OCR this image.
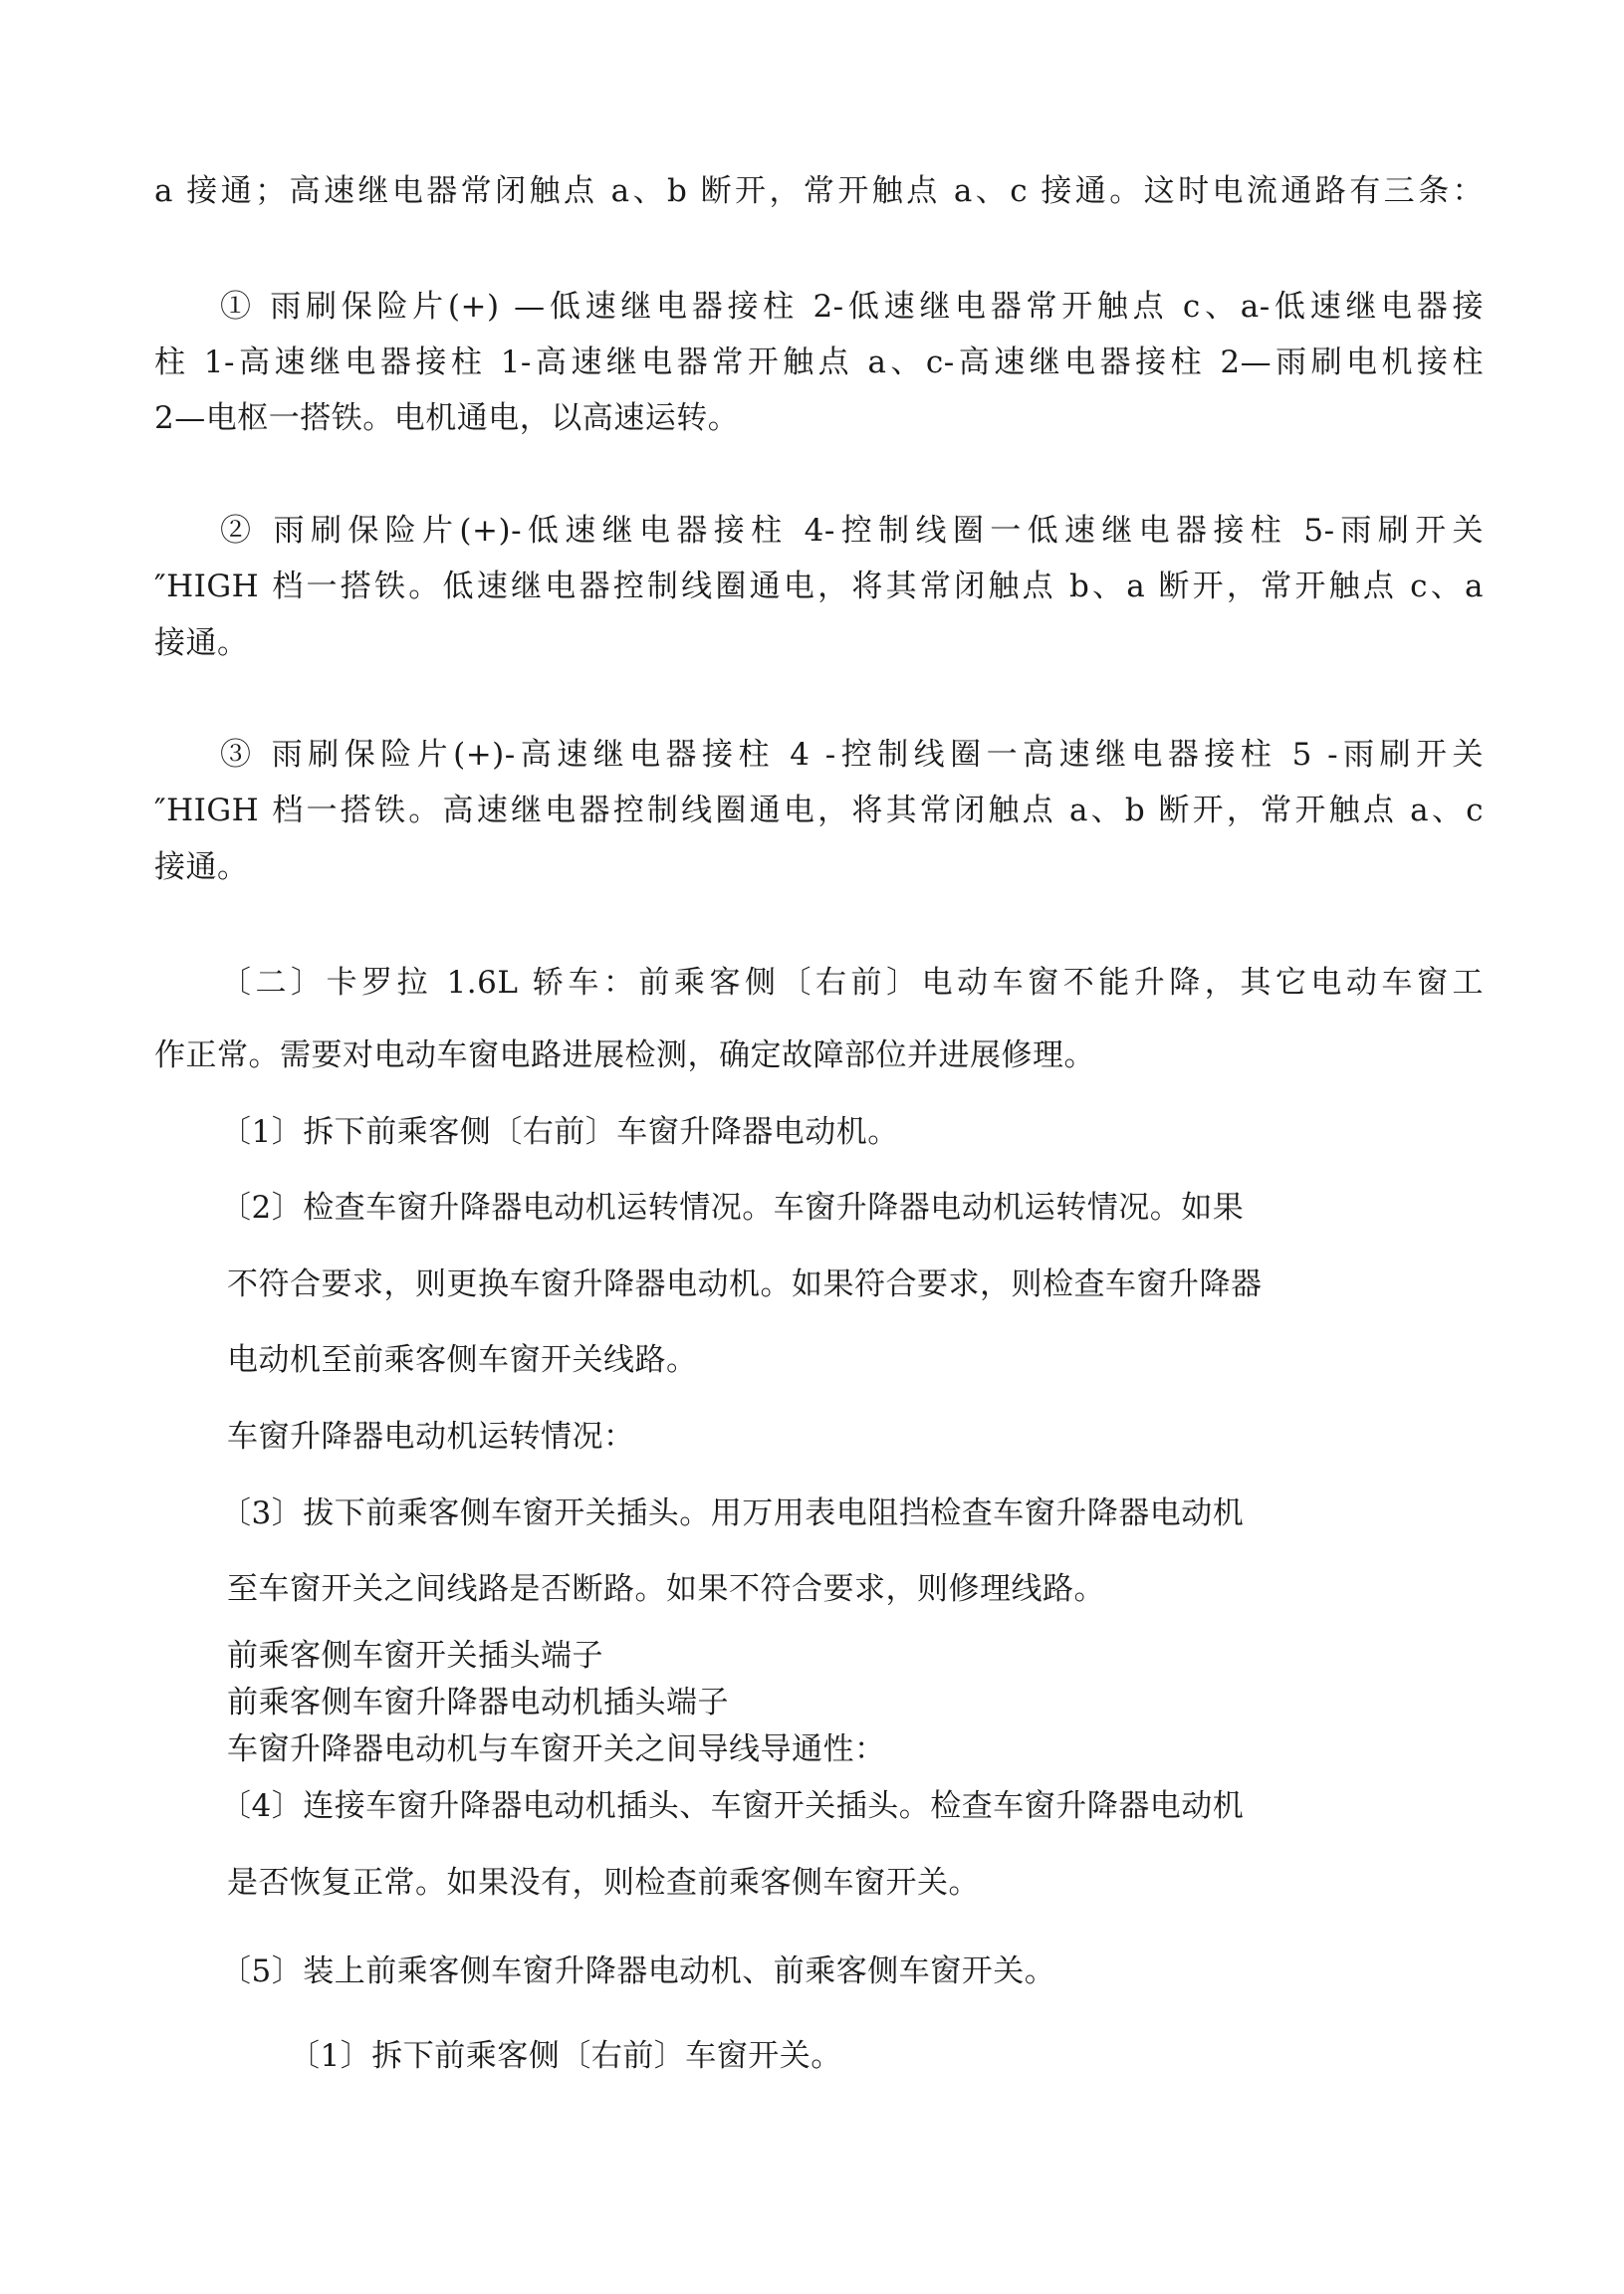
a 接通；高速继电器常闭触点 a、b 断开，常开触点 a、c 接通。这时电流通路有三条：
① 雨刷保险片(+) —低速继电器接柱 2-低速继电器常开触点 c、a-低速继电器接
柱 1-高速继电器接柱 1-高速继电器常开触点 a、c-高速继电器接柱 2—雨刷电机接柱
2—电枢一搭铁。电机通电，以高速运转。
② 雨刷保险片(+)-低速继电器接柱 4-控制线圈一低速继电器接柱 5-雨刷开关
″HIGH 档一搭铁。低速继电器控制线圈通电，将其常闭触点 b、a 断开，常开触点 c、a
接通。
③ 雨刷保险片(+)-高速继电器接柱 4 -控制线圈一高速继电器接柱 5 -雨刷开关
″HIGH 档一搭铁。高速继电器控制线圈通电，将其常闭触点 a、b 断开，常开触点 a、c
接通。
〔二〕卡罗拉 1.6L 轿车：前乘客侧〔右前〕电动车窗不能升降，其它电动车窗工
作正常。需要对电动车窗电路进展检测，确定故障部位并进展修理。
〔1〕拆下前乘客侧〔右前〕车窗升降器电动机。
〔2〕检查车窗升降器电动机运转情况。车窗升降器电动机运转情况。如果
不符合要求，则更换车窗升降器电动机。如果符合要求，则检查车窗升降器
电动机至前乘客侧车窗开关线路。
车窗升降器电动机运转情况：
〔3〕拔下前乘客侧车窗开关插头。用万用表电阻挡检查车窗升降器电动机
至车窗开关之间线路是否断路。如果不符合要求，则修理线路。
前乘客侧车窗开关插头端子
前乘客侧车窗升降器电动机插头端子
车窗升降器电动机与车窗开关之间导线导通性：
〔4〕连接车窗升降器电动机插头、车窗开关插头。检查车窗升降器电动机
是否恢复正常。如果没有，则检查前乘客侧车窗开关。
〔5〕装上前乘客侧车窗升降器电动机、前乘客侧车窗开关。
〔1〕拆下前乘客侧〔右前〕车窗开关。
